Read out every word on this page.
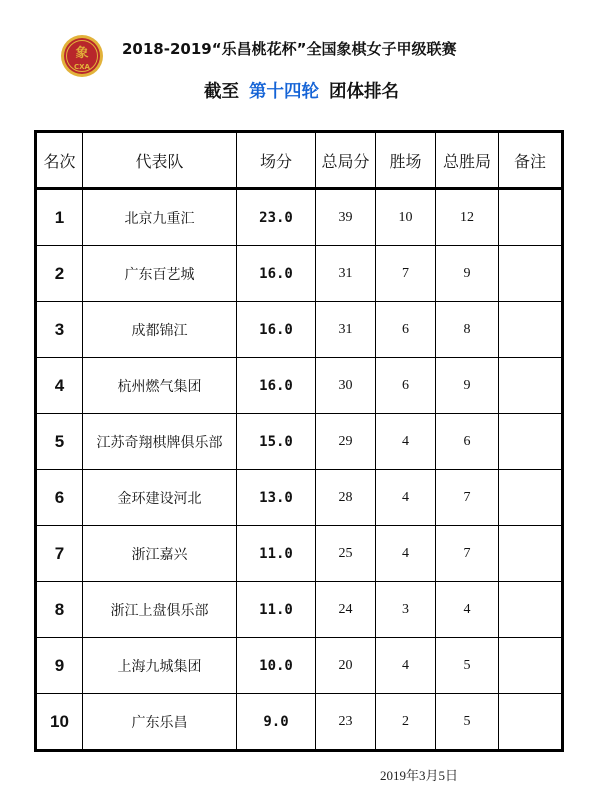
象
CXA
2018-2019“乐昌桃花杯”全国象棋女子甲级联赛
截至 第十四轮 团体排名
名次	代表队	场分	总局分	胜场	总胜局	备注
1	北京九重汇	23.0	39	10	12	
2	广东百艺城	16.0	31	7	9	
3	成都锦江	16.0	31	6	8	
4	杭州燃气集团	16.0	30	6	9	
5	江苏奇翔棋牌俱乐部	15.0	29	4	6	
6	金环建设河北	13.0	28	4	7	
7	浙江嘉兴	11.0	25	4	7	
8	浙江上盘俱乐部	11.0	24	3	4	
9	上海九城集团	10.0	20	4	5	
10	广东乐昌	9.0	23	2	5	
2019年3月5日
